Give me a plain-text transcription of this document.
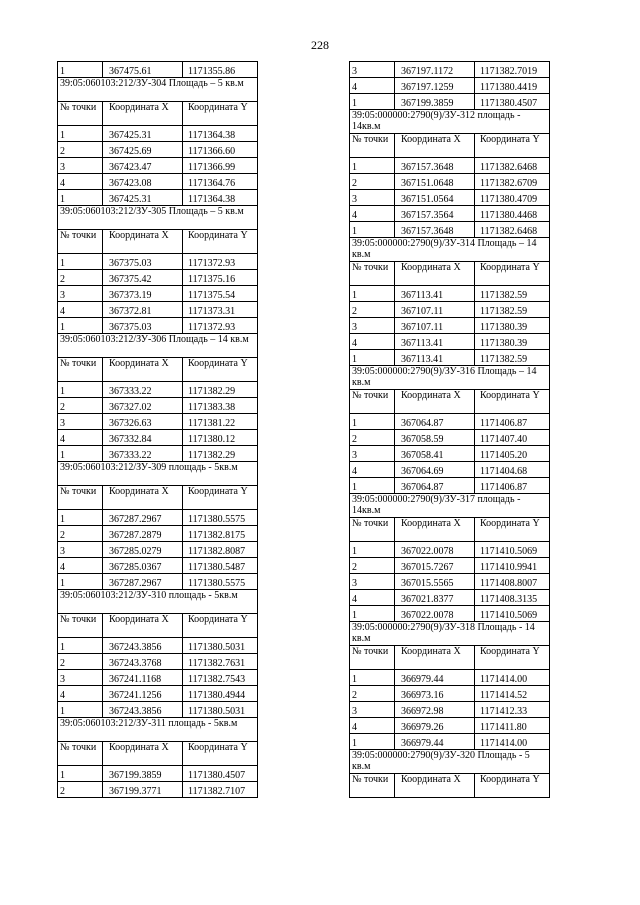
228
1	367475.61	1171355.86
39:05:060103:212/ЗУ-304 Площадь – 5 кв.м		
№ точки	Координата X	Координата Y
1	367425.31	1171364.38
2	367425.69	1171366.60
3	367423.47	1171366.99
4	367423.08	1171364.76
1	367425.31	1171364.38
39:05:060103:212/ЗУ-305 Площадь – 5 кв.м		
№ точки	Координата X	Координата Y
1	367375.03	1171372.93
2	367375.42	1171375.16
3	367373.19	1171375.54
4	367372.81	1171373.31
1	367375.03	1171372.93
39:05:060103:212/ЗУ-306 Площадь – 14 кв.м		
№ точки	Координата X	Координата Y
1	367333.22	1171382.29
2	367327.02	1171383.38
3	367326.63	1171381.22
4	367332.84	1171380.12
1	367333.22	1171382.29
39:05:060103:212/ЗУ-309 площадь - 5кв.м		
№ точки	Координата X	Координата Y
1	367287.2967	1171380.5575
2	367287.2879	1171382.8175
3	367285.0279	1171382.8087
4	367285.0367	1171380.5487
1	367287.2967	1171380.5575
39:05:060103:212/ЗУ-310 площадь - 5кв.м		
№ точки	Координата X	Координата Y
1	367243.3856	1171380.5031
2	367243.3768	1171382.7631
3	367241.1168	1171382.7543
4	367241.1256	1171380.4944
1	367243.3856	1171380.5031
39:05:060103:212/ЗУ-311 площадь - 5кв.м		
№ точки	Координата X	Координата Y
1	367199.3859	1171380.4507
2	367199.3771	1171382.7107
3	367197.1172	1171382.7019
4	367197.1259	1171380.4419
1	367199.3859	1171380.4507
39:05:000000:2790(9)/ЗУ-312 площадь - 14кв.м		
№ точки	Координата X	Координата Y
1	367157.3648	1171382.6468
2	367151.0648	1171382.6709
3	367151.0564	1171380.4709
4	367157.3564	1171380.4468
1	367157.3648	1171382.6468
39:05:000000:2790(9)/ЗУ-314 Площадь – 14 кв.м		
№ точки	Координата X	Координата Y
1	367113.41	1171382.59
2	367107.11	1171382.59
3	367107.11	1171380.39
4	367113.41	1171380.39
1	367113.41	1171382.59
39:05:000000:2790(9)/ЗУ-316 Площадь – 14 кв.м		
№ точки	Координата X	Координата Y
1	367064.87	1171406.87
2	367058.59	1171407.40
3	367058.41	1171405.20
4	367064.69	1171404.68
1	367064.87	1171406.87
39:05:000000:2790(9)/ЗУ-317 площадь - 14кв.м		
№ точки	Координата X	Координата Y
1	367022.0078	1171410.5069
2	367015.7267	1171410.9941
3	367015.5565	1171408.8007
4	367021.8377	1171408.3135
1	367022.0078	1171410.5069
39:05:000000:2790(9)/ЗУ-318 Площадь - 14 кв.м		
№ точки	Координата X	Координата Y
1	366979.44	1171414.00
2	366973.16	1171414.52
3	366972.98	1171412.33
4	366979.26	1171411.80
1	366979.44	1171414.00
39:05:000000:2790(9)/ЗУ-320 Площадь - 5 кв.м		
№ точки	Координата X	Координата Y
